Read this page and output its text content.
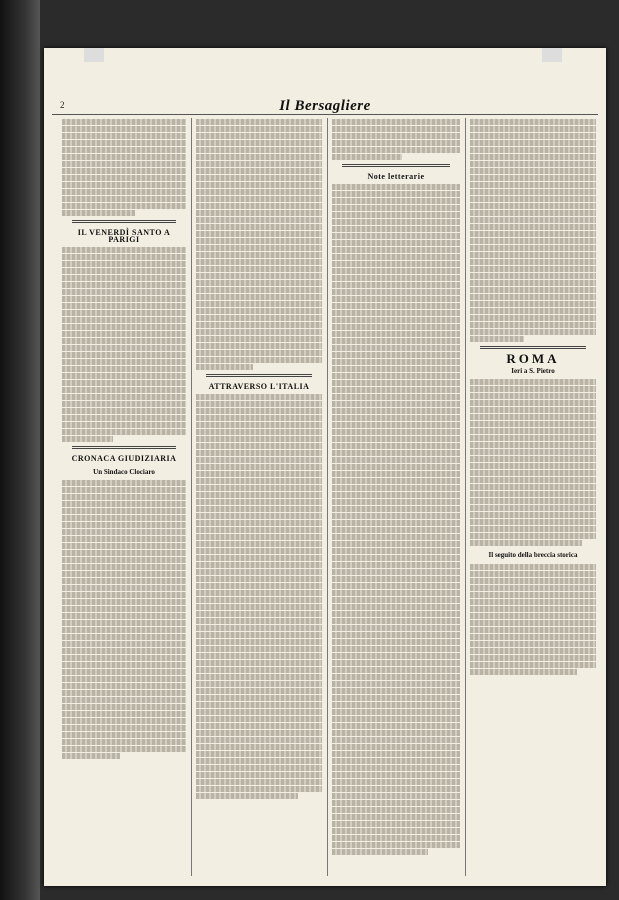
2	Il Bersagliere
IL VENERDÌ SANTO A PARIGI
CRONACA GIUDIZIARIA
Un Sindaco Clociaro
ATTRAVERSO L'ITALIA
Note letterarie
ROMA
Ieri a S. Pietro
Il seguito della breccia storica
